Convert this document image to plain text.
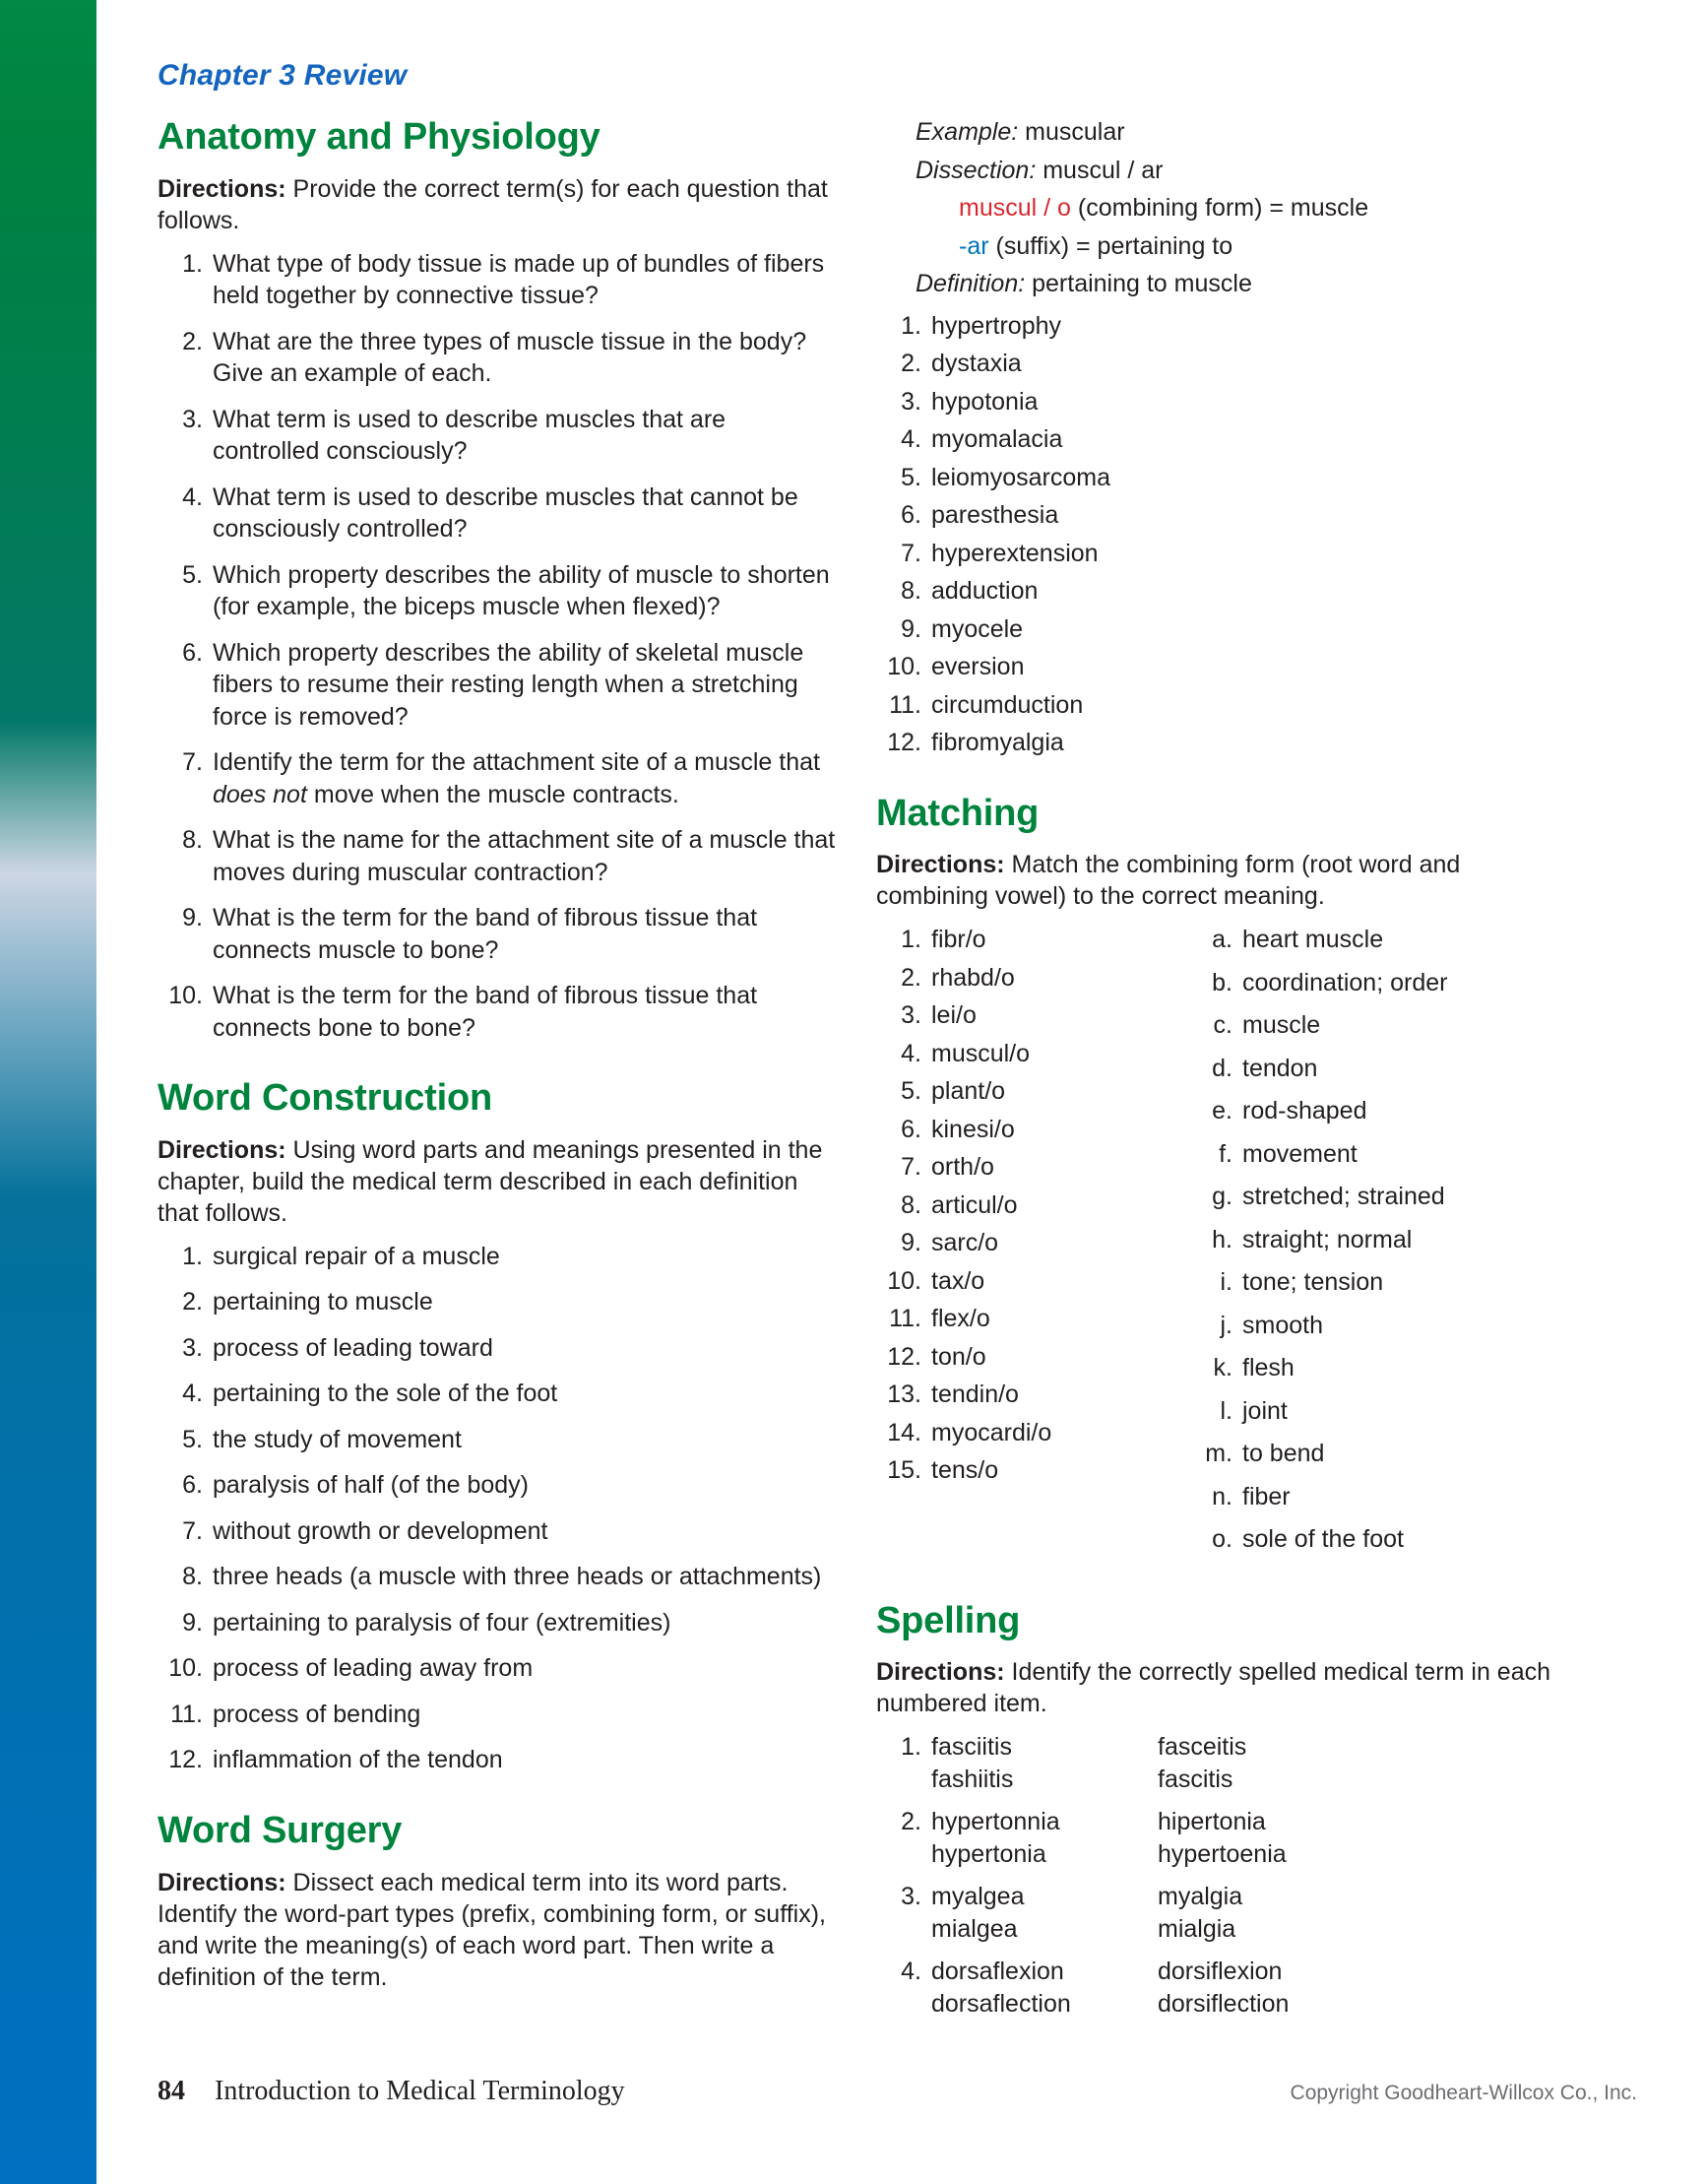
Chapter 3 Review
Anatomy and Physiology

Directions: Provide the correct term(s) for each question that follows.

1. What type of body tissue is made up of bundles of fibers held together by connective tissue?
2. What are the three types of muscle tissue in the body? Give an example of each.
3. What term is used to describe muscles that are controlled consciously?
4. What term is used to describe muscles that cannot be consciously controlled?
5. Which property describes the ability of muscle to shorten (for example, the biceps muscle when flexed)?
6. Which property describes the ability of skeletal muscle fibers to resume their resting length when a stretching force is removed?
7. Identify the term for the attachment site of a muscle that does not move when the muscle contracts.
8. What is the name for the attachment site of a muscle that moves during muscular contraction?
9. What is the term for the band of fibrous tissue that connects muscle to bone?
10. What is the term for the band of fibrous tissue that connects bone to bone?
Word Construction

Directions: Using word parts and meanings presented in the chapter, build the medical term described in each definition that follows.

1. surgical repair of a muscle
2. pertaining to muscle
3. process of leading toward
4. pertaining to the sole of the foot
5. the study of movement
6. paralysis of half (of the body)
7. without growth or development
8. three heads (a muscle with three heads or attachments)
9. pertaining to paralysis of four (extremities)
10. process of leading away from
11. process of bending
12. inflammation of the tendon
Word Surgery

Directions: Dissect each medical term into its word parts. Identify the word-part types (prefix, combining form, or suffix), and write the meaning(s) of each word part. Then write a definition of the term.

Example: muscular
Dissection: muscul / ar
muscul / o (combining form) = muscle
-ar (suffix) = pertaining to
Definition: pertaining to muscle
1. hypertrophy
2. dystaxia
3. hypotonia
4. myomalacia
5. leiomyosarcoma
6. paresthesia
7. hyperextension
8. adduction
9. myocele
10. eversion
11. circumduction
12. fibromyalgia
Matching

Directions: Match the combining form (root word and combining vowel) to the correct meaning.

1. fibr/o
2. rhabd/o
3. lei/o
4. muscul/o
5. plant/o
6. kinesi/o
7. orth/o
8. articul/o
9. sarc/o
10. tax/o
11. flex/o
12. ton/o
13. tendin/o
14. myocardi/o
15. tens/o
a. heart muscle
b. coordination; order
c. muscle
d. tendon
e. rod-shaped
f. movement
g. stretched; strained
h. straight; normal
i. tone; tension
j. smooth
k. flesh
l. joint
m. to bend
n. fiber
o. sole of the foot
Spelling

Directions: Identify the correctly spelled medical term in each numbered item.

1. fasciitis	fasceitis
fashiitis	fascitis
2. hypertonnia	hipertonia
hypertonia	hypertoenia
3. myalgea	myalgia
mialgea	mialgia
4. dorsaflexion	dorsiflexion
dorsaflection	dorsiflection
84 Introduction to Medical Terminology	Copyright Goodheart-Willcox Co., Inc.
